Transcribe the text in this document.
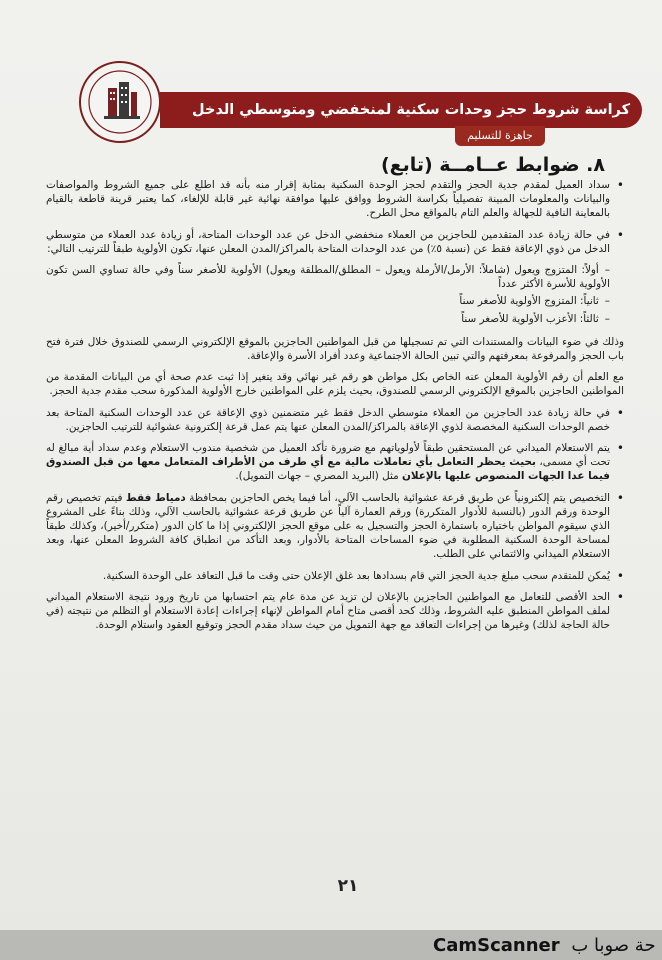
كراسة شروط حجز وحدات سكنية لمنخفضي ومتوسطي الدخل
جاهزة للتسليم
٨. ضوابط عــامــة (تابع)
• سداد العميل لمقدم جدية الحجز والتقدم لحجز الوحدة السكنية بمثابة إقرار منه بأنه قد اطلع على جميع الشروط والمواصفات والبيانات والمعلومات المبينة تفصيلياً بكراسة الشروط ووافق عليها موافقة نهائية غير قابلة للإلغاء، كما يعتبر قرينة قاطعة بالقيام بالمعاينة النافية للجهالة والعلم التام بالمواقع محل الطرح.
• في حالة زيادة عدد المتقدمين للحاجزين من العملاء منخفضي الدخل عن عدد الوحدات المتاحة، أو زيادة عدد العملاء من متوسطي الدخل من ذوي الإعاقة فقط عن (نسبة ٥٪) من عدد الوحدات المتاحة بالمراكز/المدن المعلن عنها، تكون الأولوية طبقاً للترتيب التالي:
–أولاً: المتزوج ويعول (شاملاً: الأرمل/الأرملة ويعول – المطلق/المطلقة ويعول) الأولوية للأصغر سناً وفي حالة تساوي السن تكون الأولوية للأسرة الأكثر عدداً
–ثانياً: المتزوج الأولوية للأصغر سناً
–ثالثاً: الأعزب الأولوية للأصغر سناً

وذلك في ضوء البيانات والمستندات التي تم تسجيلها من قبل المواطنين الحاجزين بالموقع الإلكتروني الرسمي للصندوق خلال فترة فتح باب الحجز والمرفوعة بمعرفتهم والتي تبين الحالة الاجتماعية وعدد أفراد الأسرة والإعاقة.

مع العلم أن رقم الأولوية المعلن عنه الخاص بكل مواطن هو رقم غير نهائي وقد يتغير إذا ثبت عدم صحة أي من البيانات المقدمة من المواطنين الحاجزين بالموقع الإلكتروني الرسمي للصندوق، بحيث يلزم على المواطنين خارج الأولوية المذكورة سحب مقدم جدية الحجز.

• في حالة زيادة عدد الحاجزين من العملاء متوسطي الدخل فقط غير متضمنين ذوي الإعاقة عن عدد الوحدات السكنية المتاحة بعد خصم الوحدات السكنية المخصصة لذوي الإعاقة بالمراكز/المدن المعلن عنها يتم عمل قرعة إلكترونية عشوائية للترتيب الحاجزين.
• يتم الاستعلام الميداني عن المستحقين طبقاً لأولوياتهم مع ضرورة تأكد العميل من شخصية مندوب الاستعلام وعدم سداد أية مبالغ له تحت أي مسمى، بحيث يحظر التعامل بأي تعاملات مالية مع أي طرف من الأطراف المتعامل معها من قبل الصندوق فيما عدا الجهات المنصوص عليها بالإعلان مثل (البريد المصري – جهات التمويل).
• التخصيص يتم إلكترونياً عن طريق قرعة عشوائية بالحاسب الآلي، أما فيما يخص الحاجزين بمحافظة دمياط فقط فيتم تخصيص رقم الوحدة ورقم الدور (بالنسبة للأدوار المتكررة) ورقم العمارة آلياً عن طريق قرعة عشوائية بالحاسب الآلي، وذلك بناءً على المشروع الذي سيقوم المواطن باختياره باستمارة الحجز والتسجيل به على موقع الحجز الإلكتروني إذا ما كان الدور (متكرر/أخير)، وكذلك طبقاً لمساحة الوحدة السكنية المطلوبة في ضوء المساحات المتاحة بالأدوار، وبعد التأكد من انطباق كافة الشروط المعلن عنها، وبعد الاستعلام الميداني والائتماني على الطلب.
• يُمكن للمتقدم سحب مبلغ جدية الحجز التي قام بسدادها بعد غلق الإعلان حتى وقت ما قبل التعاقد على الوحدة السكنية.
• الحد الأقصى للتعامل مع المواطنين الحاجزين بالإعلان لن تزيد عن مدة عام يتم احتسابها من تاريخ ورود نتيجة الاستعلام الميداني لملف المواطن المنطبق عليه الشروط، وذلك كحد أقصى متاح أمام المواطن لإنهاء إجراءات إعادة الاستعلام أو التظلم من نتيجته (في حالة الحاجة لذلك) وغيرها من إجراءات التعاقد مع جهة التمويل من حيث سداد مقدم الحجز وتوقيع العقود واستلام الوحدة.
٢١
CamScanner حة صوبا ب
